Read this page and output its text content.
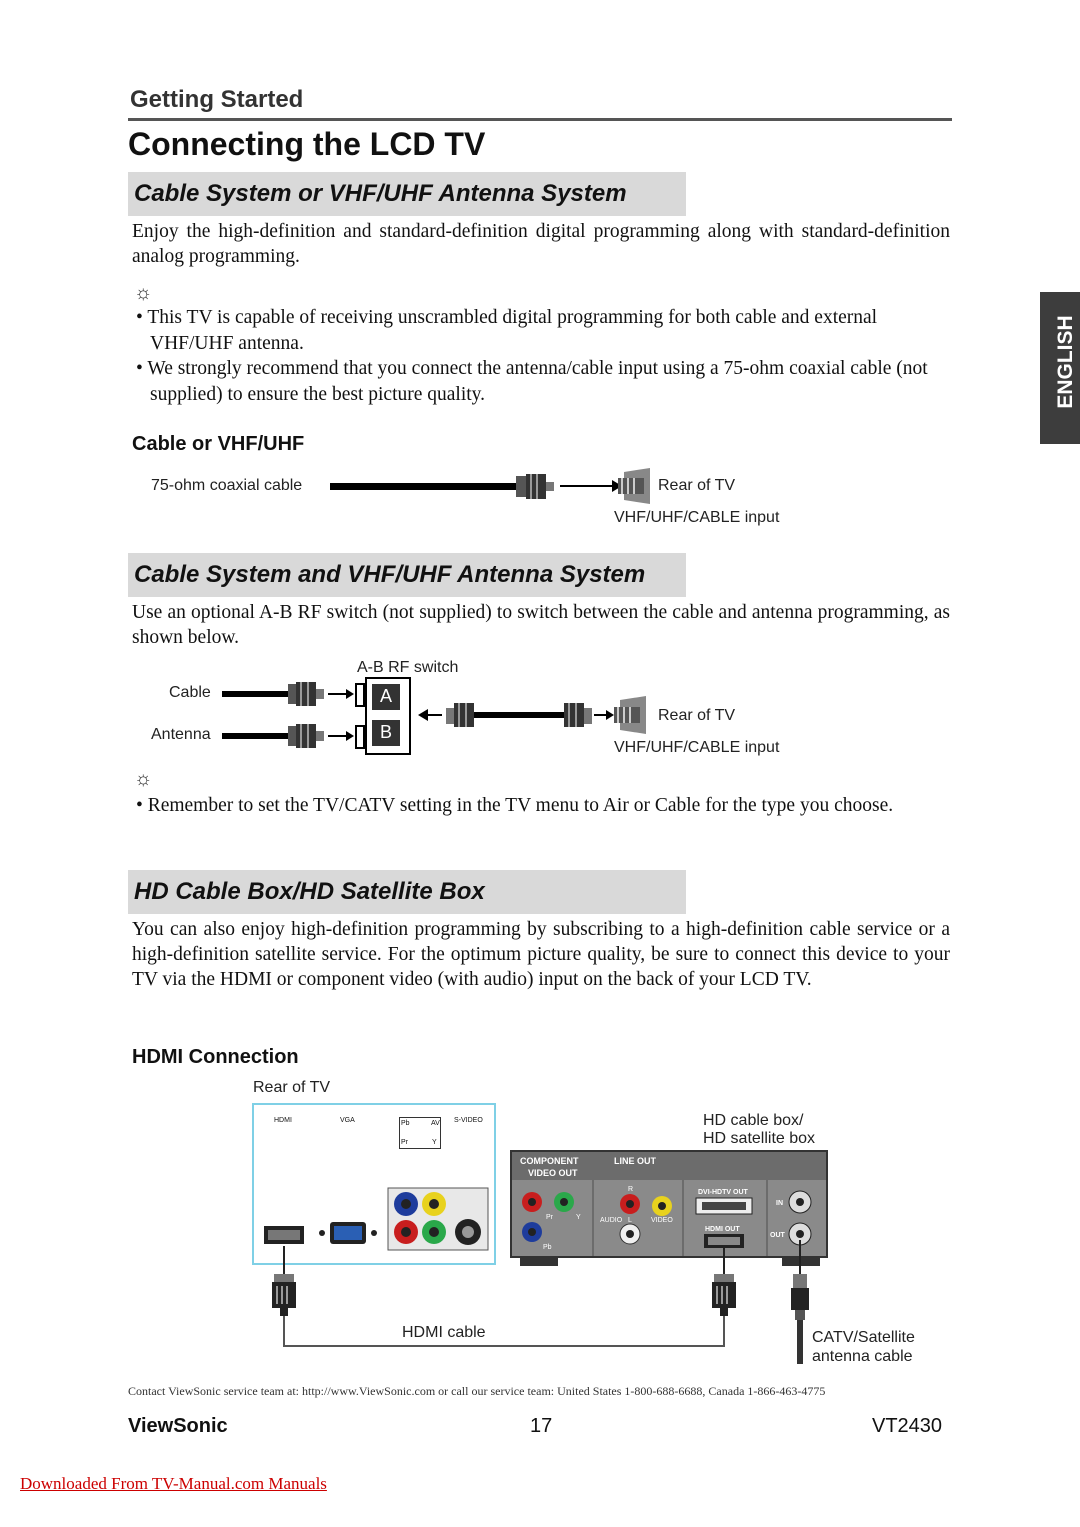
Getting Started
Connecting the LCD TV
ENGLISH
Cable System or VHF/UHF Antenna System
Enjoy the high-definition and standard-definition digital programming along with standard-definition analog programming.
☼
• This TV is capable of receiving unscrambled digital programming for both cable and external VHF/UHF antenna.
• We strongly recommend that you connect the antenna/cable input using a 75-ohm coaxial cable (not supplied) to ensure the best picture quality.
Cable or VHF/UHF
75-ohm coaxial cable	Rear of TV
VHF/UHF/CABLE input
Cable System and VHF/UHF Antenna System
Use an optional A-B RF switch (not supplied) to switch between the cable and antenna programming, as shown below.
A-B RF switch
Cable
Antenna
A
B
Rear of TV
VHF/UHF/CABLE input
☼
• Remember to set the TV/CATV setting in the TV menu to Air or Cable for the type you choose.
HD Cable Box/HD Satellite Box
You can also enjoy high-definition programming by subscribing to a high-definition cable service or a high-definition satellite service. For the optimum picture quality, be sure to connect this device to your TV via the HDMI or component video (with audio) input on the back of your LCD TV.
HDMI Connection
Rear of TV
HD cable box/
HD satellite box
HDMI	VGA	Pb
Pr	Y
AV S-VIDEO
COMPONENT
VIDEO OUT
LINE OUT
Pr	Y
Pb
R
AUDIO L	VIDEO
DVI-HDTV OUT
HDMI OUT
IN
OUT
HDMI cable	CATV/Satellite
antenna cable
Contact ViewSonic service team at: http://www.ViewSonic.com or call our service team: United States 1-800-688-6688, Canada 1-866-463-4775
ViewSonic	17	VT2430
Downloaded From TV-Manual.com Manuals
